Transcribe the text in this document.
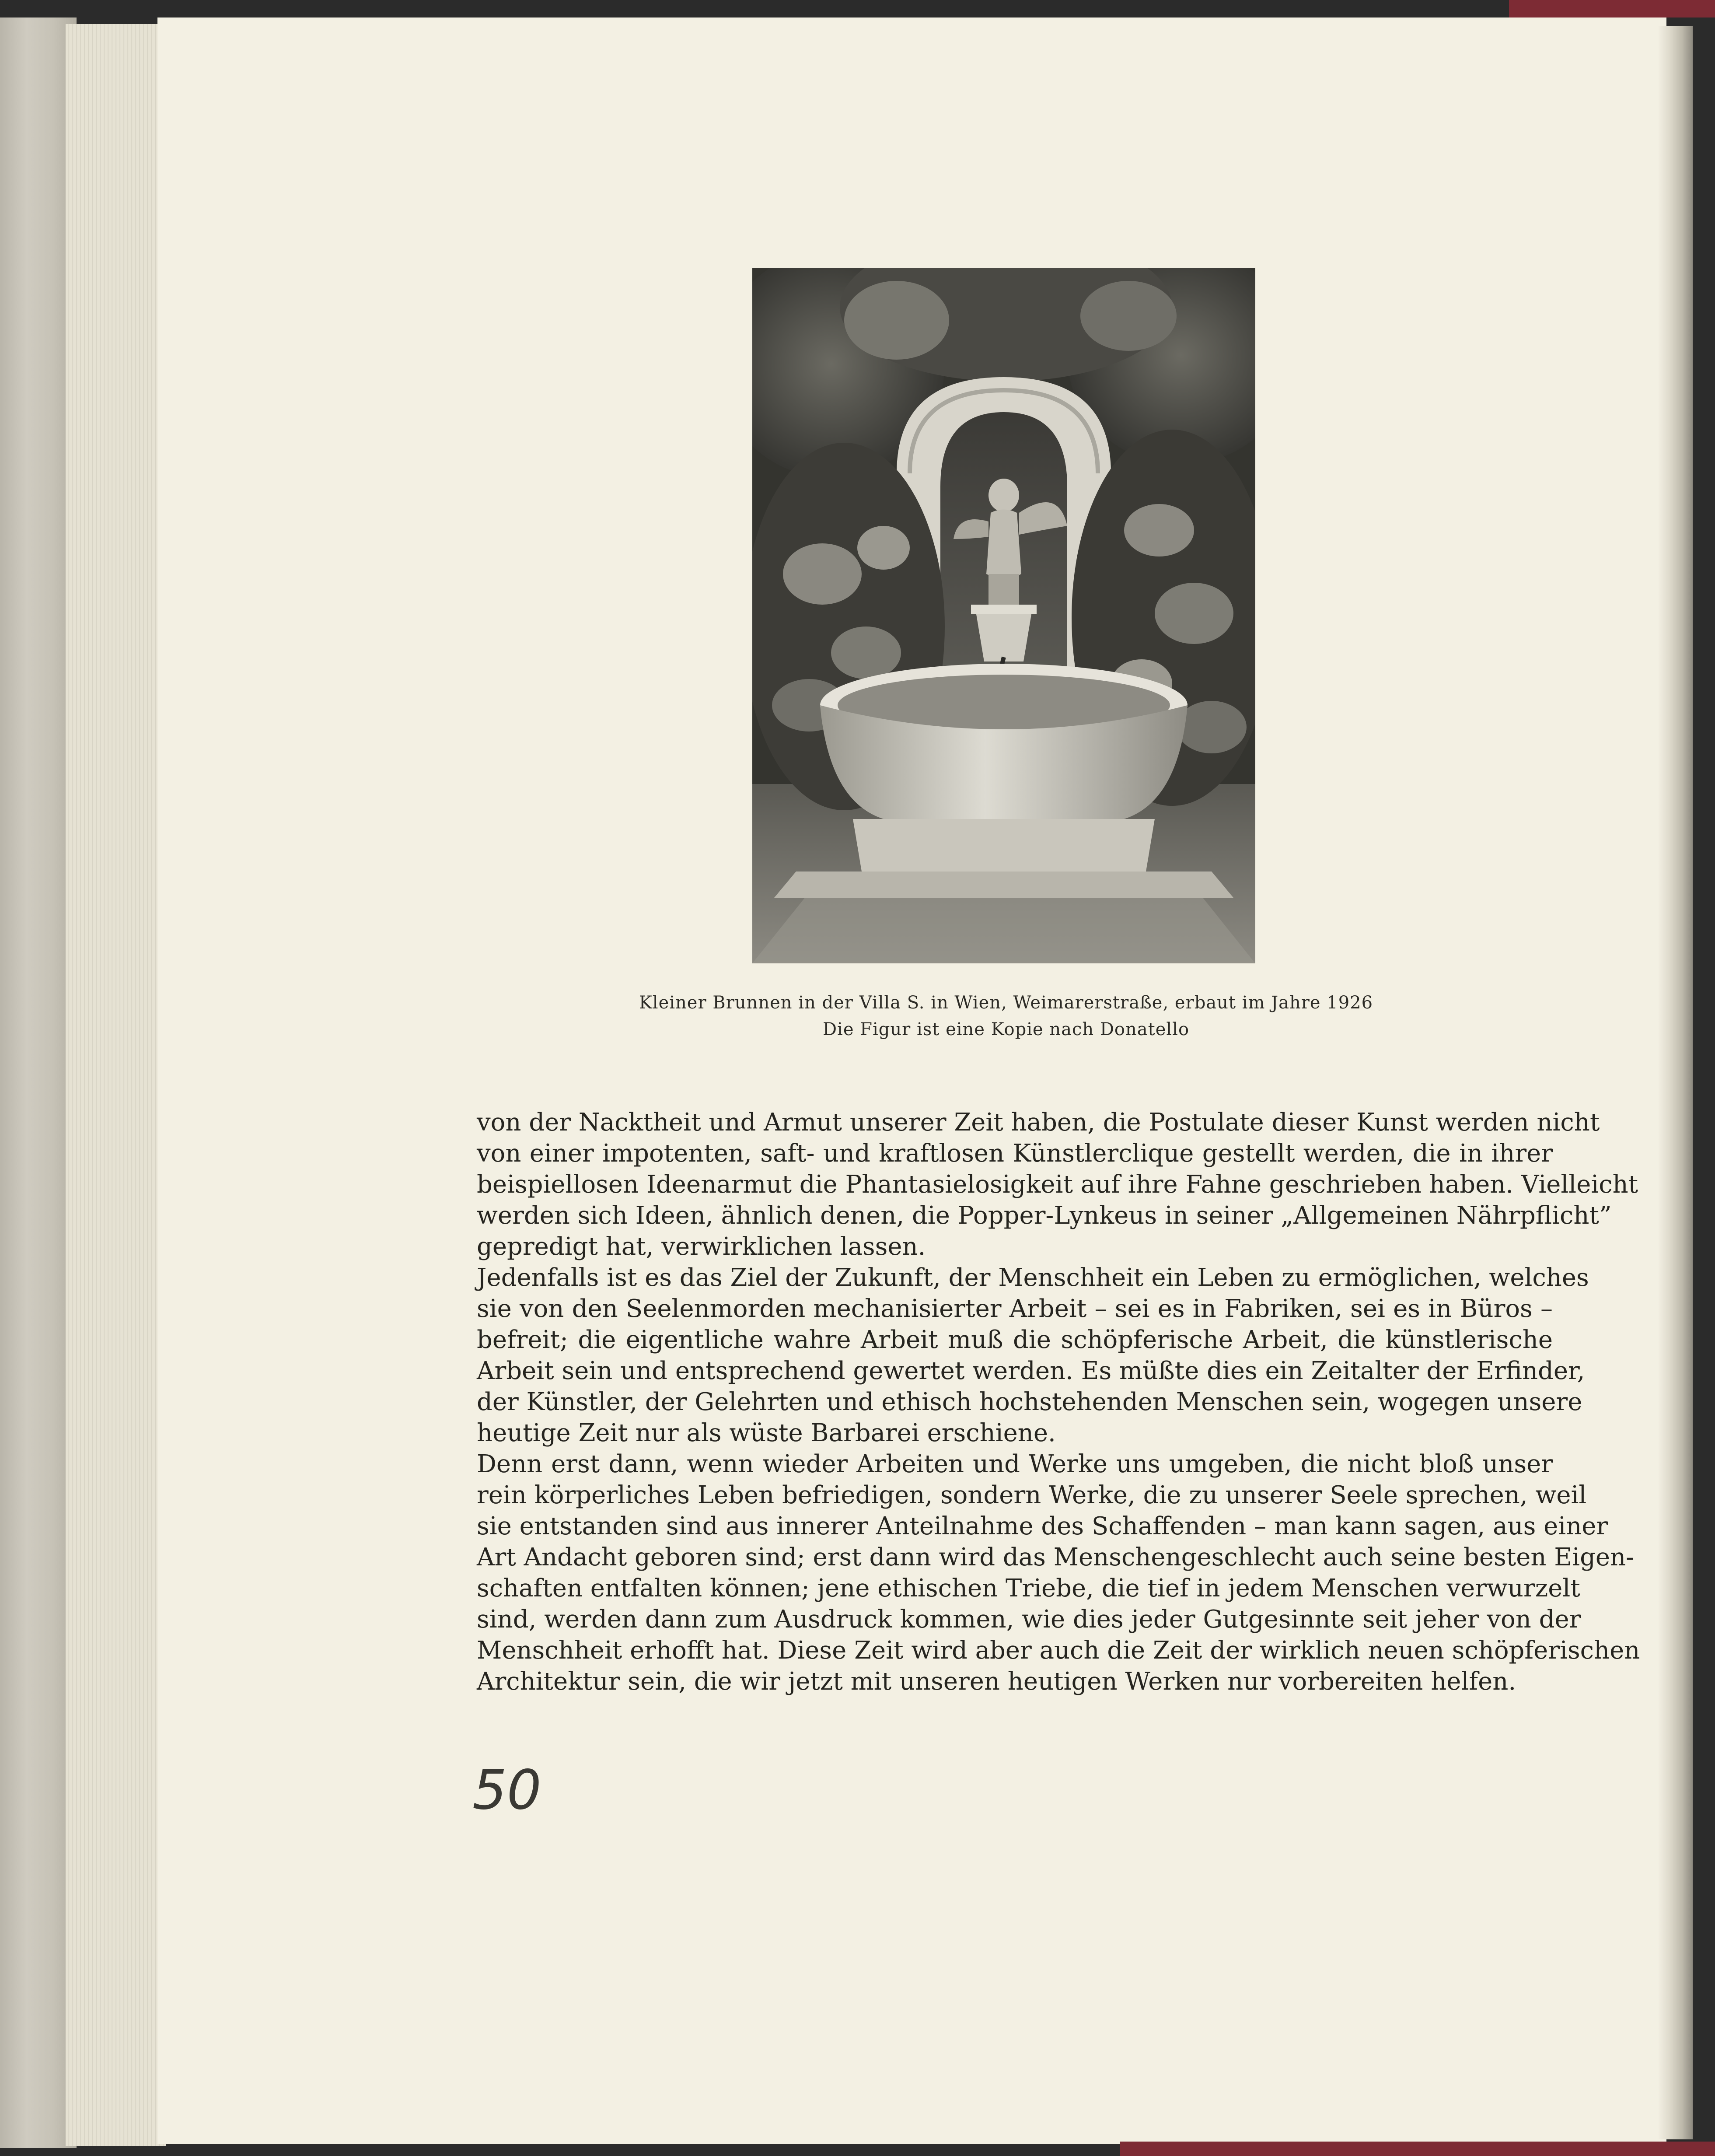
Kleiner Brunnen in der Villa S. in Wien, Weimarerstraße, erbaut im Jahre 1926
Die Figur ist eine Kopie nach Donatello
von der Nacktheit und Armut unserer Zeit haben, die Postulate dieser Kunst werden nicht
von einer impotenten, saft- und kraftlosen Künstlerclique gestellt werden, die in ihrer
beispiellosen Ideenarmut die Phantasielosigkeit auf ihre Fahne geschrieben haben. Vielleicht
werden sich Ideen, ähnlich denen, die Popper-Lynkeus in seiner „Allgemeinen Nährpflicht”
gepredigt hat, verwirklichen lassen.
Jedenfalls ist es das Ziel der Zukunft, der Menschheit ein Leben zu ermöglichen, welches
sie von den Seelenmorden mechanisierter Arbeit – sei es in Fabriken, sei es in Büros –
befreit; die eigentliche wahre Arbeit muß die schöpferische Arbeit, die künstlerische
Arbeit sein und entsprechend gewertet werden. Es müßte dies ein Zeitalter der Erfinder,
der Künstler, der Gelehrten und ethisch hochstehenden Menschen sein, wogegen unsere
heutige Zeit nur als wüste Barbarei erschiene.
Denn erst dann, wenn wieder Arbeiten und Werke uns umgeben, die nicht bloß unser
rein körperliches Leben befriedigen, sondern Werke, die zu unserer Seele sprechen, weil
sie entstanden sind aus innerer Anteilnahme des Schaffenden – man kann sagen, aus einer
Art Andacht geboren sind; erst dann wird das Menschengeschlecht auch seine besten Eigen-
schaften entfalten können; jene ethischen Triebe, die tief in jedem Menschen verwurzelt
sind, werden dann zum Ausdruck kommen, wie dies jeder Gutgesinnte seit jeher von der
Menschheit erhofft hat. Diese Zeit wird aber auch die Zeit der wirklich neuen schöpferischen
Architektur sein, die wir jetzt mit unseren heutigen Werken nur vorbereiten helfen.
50
